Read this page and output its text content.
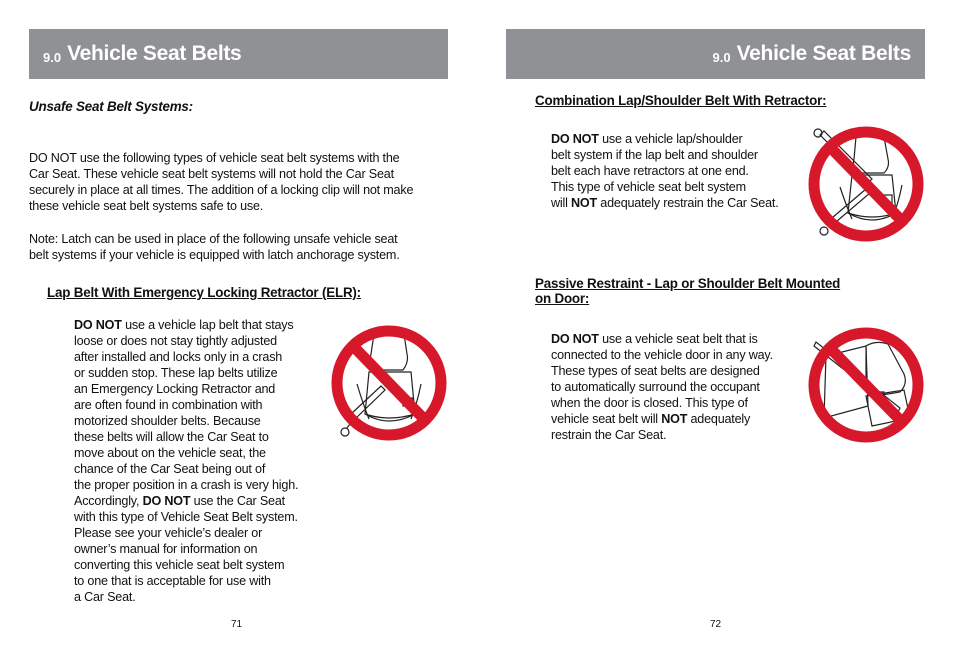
9.0 Vehicle Seat Belts
Unsafe Seat Belt Systems:
DO NOT use the following types of vehicle seat belt systems with the
Car Seat. These vehicle seat belt systems will not hold the Car Seat
securely in place at all times. The addition of a locking clip will not make
these vehicle seat belt systems safe to use.
Note: Latch can be used in place of the following unsafe vehicle seat
belt systems if your vehicle is equipped with latch anchorage system.
Lap Belt With Emergency Locking Retractor (ELR):
DO NOT use a vehicle lap belt that stays
loose or does not stay tightly adjusted
after installed and locks only in a crash
or sudden stop. These lap belts utilize
an Emergency Locking Retractor and
are often found in combination with
motorized shoulder belts. Because
these belts will allow the Car Seat to
move about on the vehicle seat, the
chance of the Car Seat being out of
the proper position in a crash is very high.
Accordingly, DO NOT use the Car Seat
with this type of Vehicle Seat Belt system.
Please see your vehicle’s dealer or
owner’s manual for information on
converting this vehicle seat belt system
to one that is acceptable for use with
a Car Seat.
71
9.0 Vehicle Seat Belts
Combination Lap/Shoulder Belt With Retractor:
DO NOT use a vehicle lap/shoulder
belt system if the lap belt and shoulder
belt each have retractors at one end.
This type of vehicle seat belt system
will NOT adequately restrain the Car Seat.
Passive Restraint - Lap or Shoulder Belt Mounted
on Door:
DO NOT use a vehicle seat belt that is
connected to the vehicle door in any way.
These types of seat belts are designed
to automatically surround the occupant
when the door is closed. This type of
vehicle seat belt will NOT adequately
restrain the Car Seat.
72
